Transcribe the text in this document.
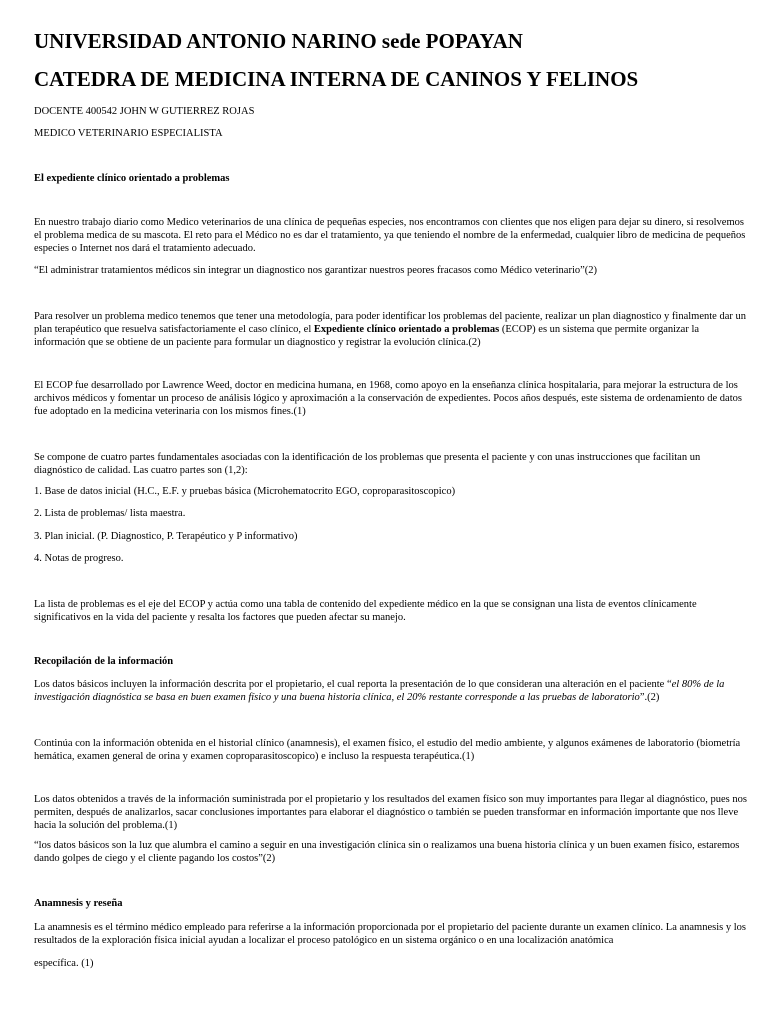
UNIVERSIDAD ANTONIO NARINO sede POPAYAN
CATEDRA DE MEDICINA INTERNA DE CANINOS Y FELINOS
DOCENTE 400542 JOHN W GUTIERREZ ROJAS
MEDICO VETERINARIO ESPECIALISTA
El expediente clínico orientado a problemas
En nuestro trabajo diario como Medico veterinarios de una clínica de pequeñas especies, nos encontramos con clientes que nos eligen para dejar su dinero, si resolvemos
el problema medica de su mascota. El reto para el Médico no es dar el tratamiento, ya que teniendo el nombre de la enfermedad, cualquier libro de medicina de pequeños
especies o Internet nos dará el tratamiento adecuado.
“El administrar tratamientos médicos sin integrar un diagnostico nos garantizar nuestros peores fracasos como Médico veterinario”(2)
Para resolver un problema medico tenemos que tener una metodología, para poder identificar los problemas del paciente, realizar un plan diagnostico y finalmente dar un
plan terapéutico que resuelva satisfactoriamente el caso clínico, el Expediente clínico orientado a problemas (ECOP) es un sistema que permite organizar la
información que se obtiene de un paciente para formular un diagnostico y registrar la evolución clínica.(2)
El ECOP fue desarrollado por Lawrence Weed, doctor en medicina humana, en 1968, como apoyo en la enseñanza clínica hospitalaria, para mejorar la estructura de los
archivos médicos y fomentar un proceso de análisis lógico y aproximación a la conservación de expedientes. Pocos años después, este sistema de ordenamiento de datos
fue adoptado en la medicina veterinaria con los mismos fines.(1)
Se compone de cuatro partes fundamentales asociadas con la identificación de los problemas que presenta el paciente y con unas instrucciones que facilitan un
diagnóstico de calidad. Las cuatro partes son (1,2):
1. Base de datos inicial (H.C., E.F. y pruebas básica (Microhematocrito EGO, coproparasitoscopico)
2. Lista de problemas/ lista maestra.
3. Plan inicial. (P. Diagnostico, P. Terapéutico y P informativo)
4. Notas de progreso.
La lista de problemas es el eje del ECOP y actúa como una tabla de contenido del expediente médico en la que se consignan una lista de eventos clínicamente
significativos en la vida del paciente y resalta los factores que pueden afectar su manejo.
Recopilación de la información
Los datos básicos incluyen la información descrita por el propietario, el cual reporta la presentación de lo que consideran una alteración en el paciente “el 80% de la
investigación diagnóstica se basa en buen examen físico y una buena historia clínica, el 20% restante corresponde a las pruebas de laboratorio”.(2)
Continúa con la información obtenida en el historial clínico (anamnesis), el examen físico, el estudio del medio ambiente, y algunos exámenes de laboratorio (biometría
hemática, examen general de orina y examen coproparasitoscopico) e incluso la respuesta terapéutica.(1)
Los datos obtenidos a través de la información suministrada por el propietario y los resultados del examen físico son muy importantes para llegar al diagnóstico, pues nos
permiten, después de analizarlos, sacar conclusiones importantes para elaborar el diagnóstico o también se pueden transformar en información importante que nos lleve
hacia la solución del problema.(1)
“los datos básicos son la luz que alumbra el camino a seguir en una investigación clínica sin o realizamos una buena historia clínica y un buen examen físico, estaremos
dando golpes de ciego y el cliente pagando los costos”(2)
Anamnesis y reseña
La anamnesis es el término médico empleado para referirse a la información proporcionada por el propietario del paciente durante un examen clínico. La anamnesis y los
resultados de la exploración física inicial ayudan a localizar el proceso patológico en un sistema orgánico o en una localización anatómica
específica. (1)
